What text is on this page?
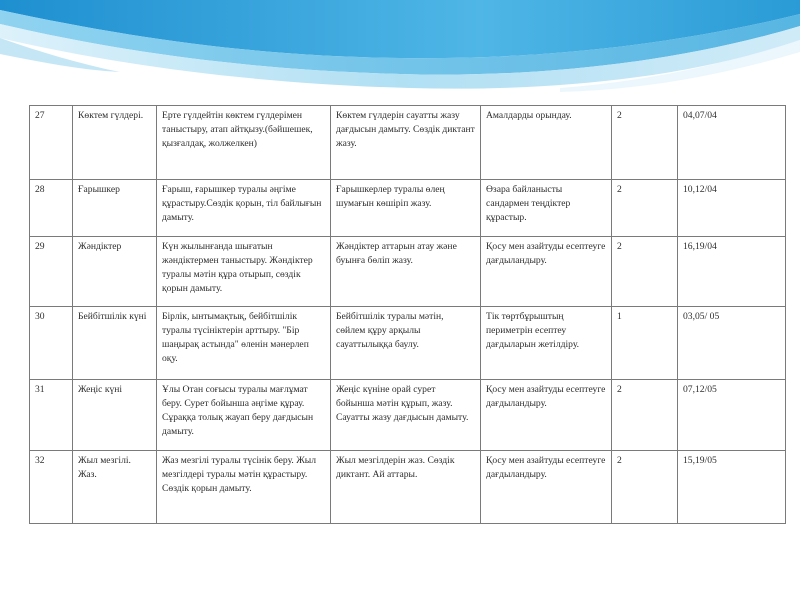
27	Көктем гүлдері.	Ерте гүлдейтін көктем гүлдерімен таныстыру, атап айтқызу.(бәйшешек, қызғалдақ, жолжелкен)	Көктем гүлдерін сауатты жазу дағдысын дамыту. Сөздік диктант жазу.	Амалдарды орындау.	2	04,07/04
28	Ғарышкер	Ғарыш, ғарышкер туралы әңгіме құрастыру.Сөздік қорын, тіл байлығын дамыту.	Ғарышкерлер туралы өлең шумағын көшіріп жазу.	Өзара байланысты сандармен теңдіктер құрастыр.	2	10,12/04
29	Жәндіктер	Күн жылынғанда шығатын жәндіктермен таныстыру. Жәндіктер туралы мәтін құра отырып, сөздік қорын дамыту.	Жәндіктер аттарын атау және буынға бөліп жазу.	Қосу мен азайтуды есептеуге дағдыландыру.	2	16,19/04
30	Бейбітшілік күні	Бірлік, ынтымақтық, бейбітшілік туралы түсініктерін арттыру. "Бір шаңырақ астында" өленін мәнерлеп оқу.	Бейбітшілік туралы мәтін, сөйлем құру арқылы сауаттылыққа баулу.	Тік төртбұрыштың периметрін есептеу дағдыларын жетілдіру.	1	03,05/ 05
31	Жеңіс күні	Ұлы Отан соғысы туралы мағлұмат беру. Сурет бойынша әңгіме құрау. Сұраққа толық жауап беру дағдысын дамыту.	Жеңіс күніне орай сурет бойынша мәтін құрып, жазу. Сауатты жазу дағдысын дамыту.	Қосу мен азайтуды есептеуге дағдыландыру.	2	07,12/05
32	Жыл мезгілі. Жаз.	Жаз мезгілі туралы түсінік беру. Жыл мезгілдері туралы мәтін құрастыру. Сөздік қорын дамыту.	Жыл мезгілдерін жаз. Сөздік диктант. Ай аттары.	Қосу мен азайтуды есептеуге дағдыландыру.	2	15,19/05
